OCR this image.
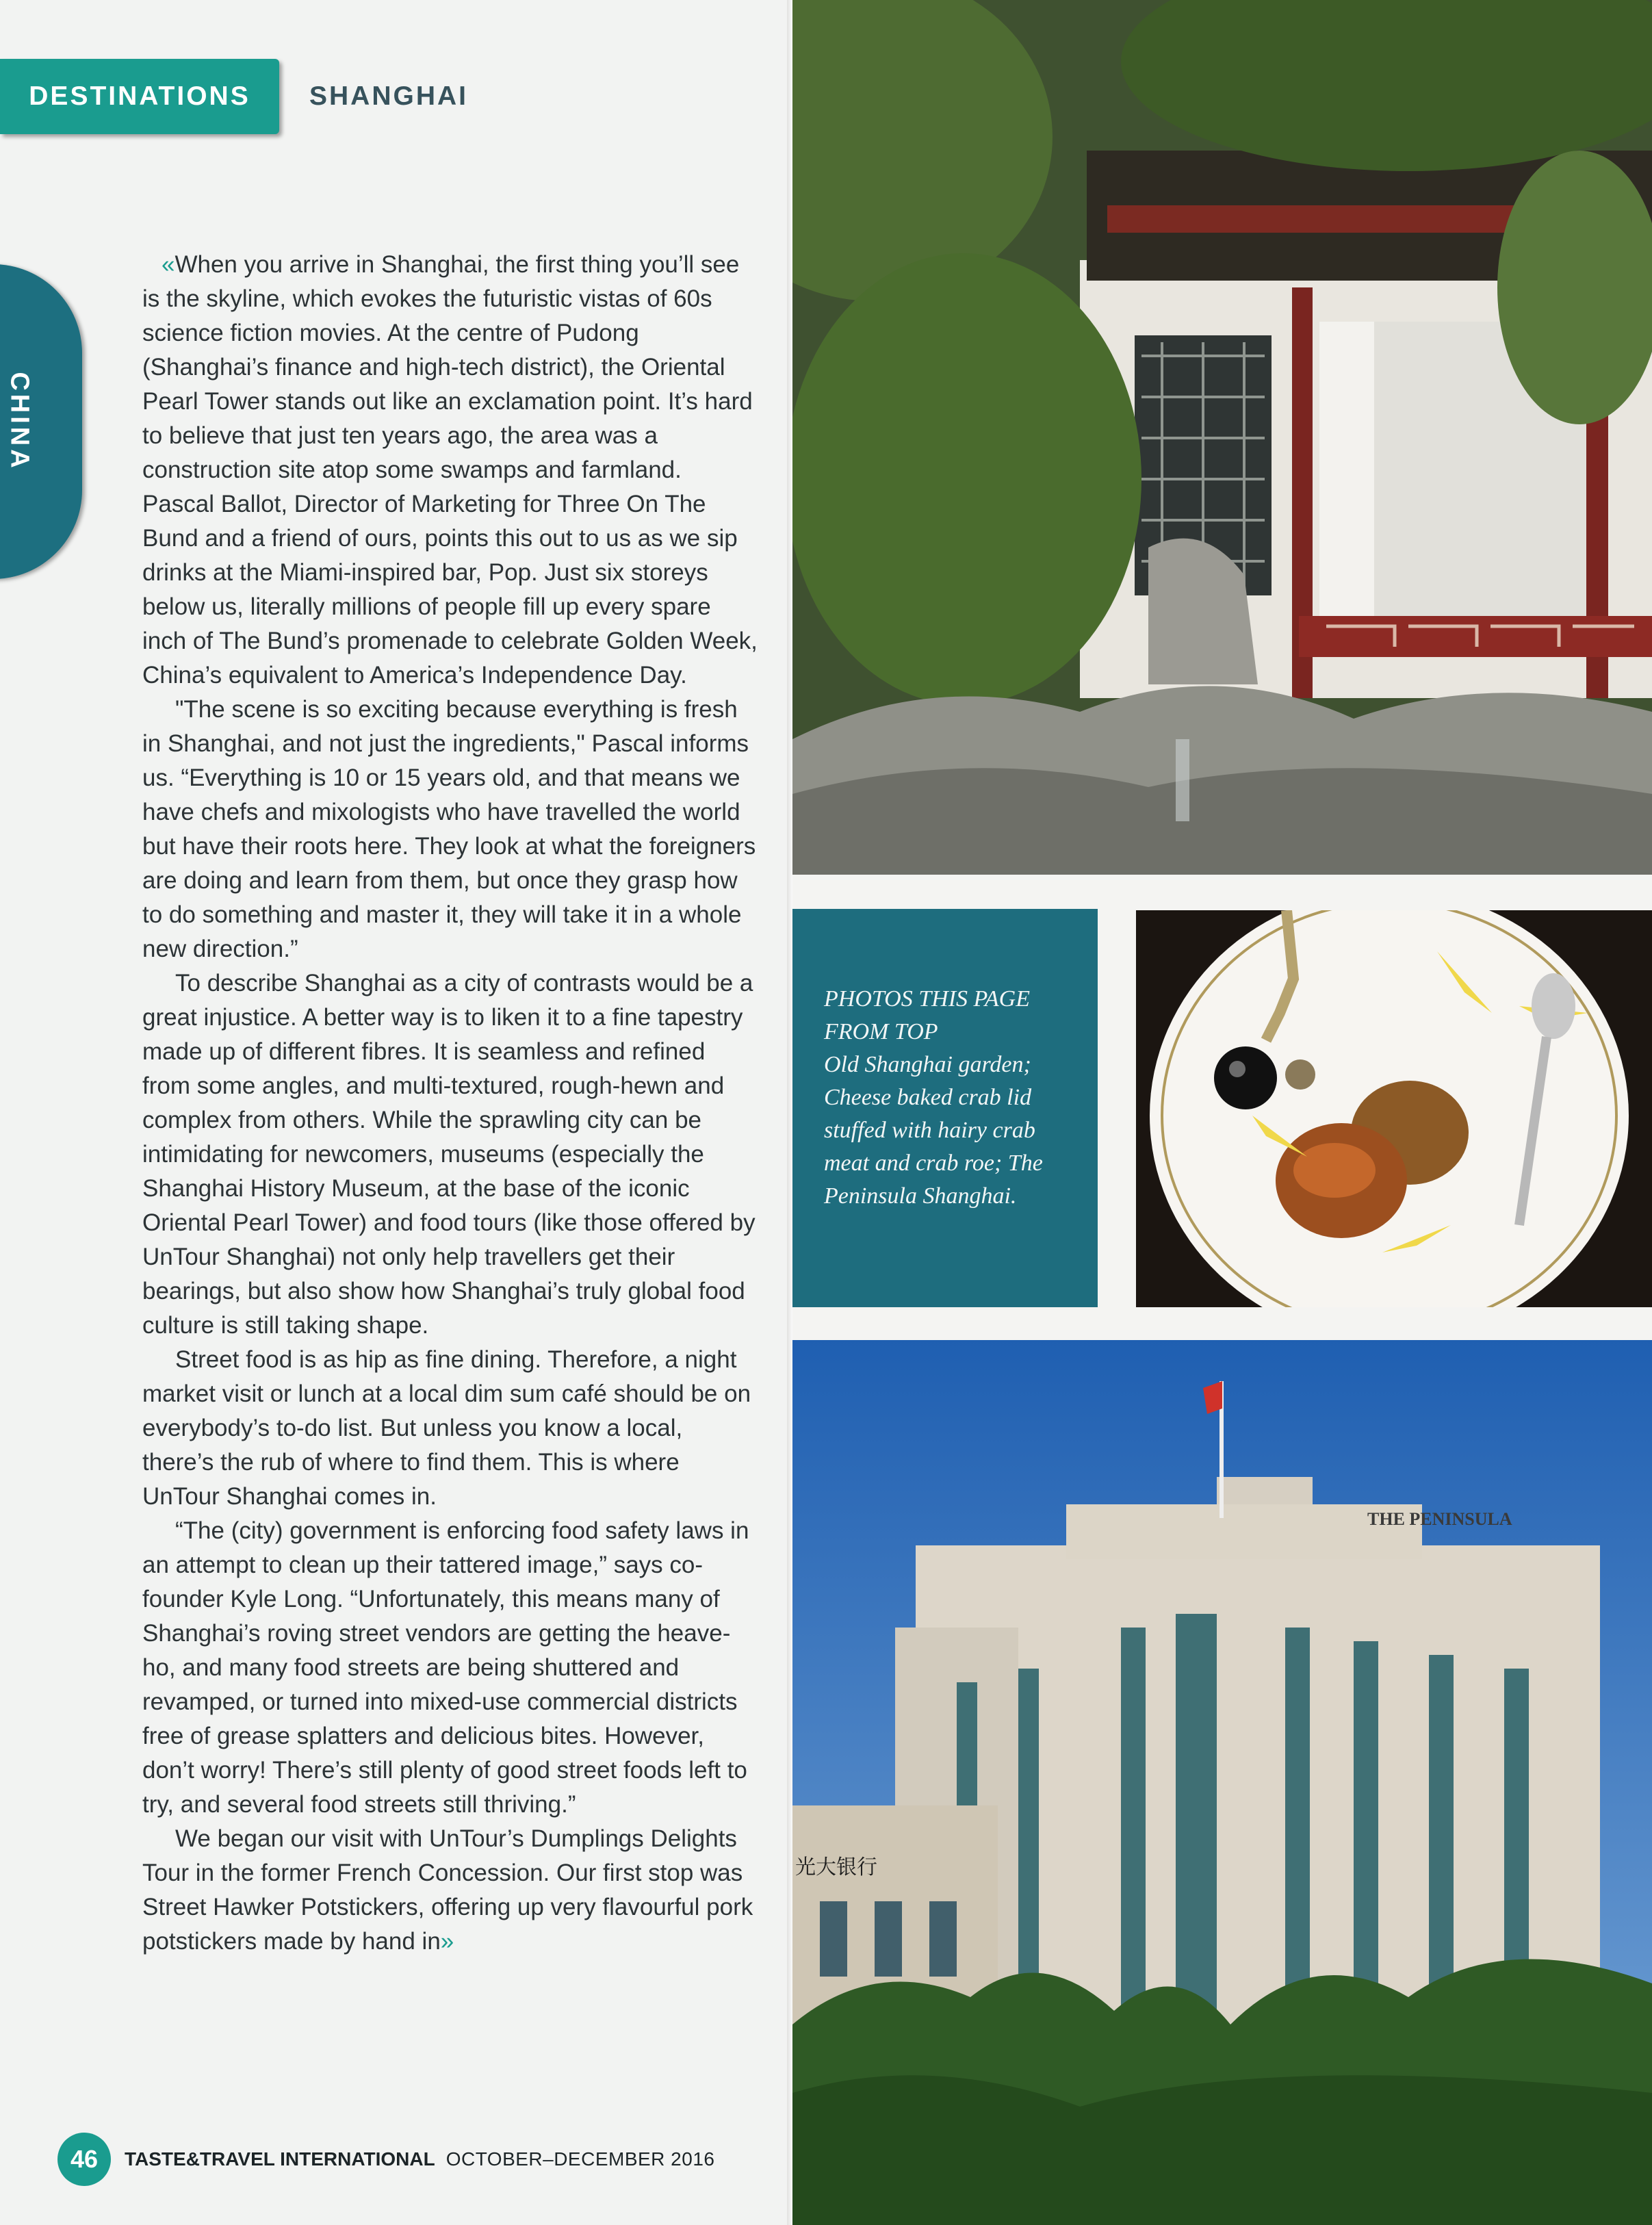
DESTINATIONS SHANGHAI
CHINA

«When you arrive in Shanghai, the first thing you’ll see is the skyline, which evokes the futuristic vistas of 60s science fiction movies. At the centre of Pudong (Shanghai’s finance and high-tech district), the Oriental Pearl Tower stands out like an exclamation point. It’s hard to believe that just ten years ago, the area was a construction site atop some swamps and farmland. Pascal Ballot, Director of Marketing for Three On The Bund and a friend of ours, points this out to us as we sip drinks at the Miami-inspired bar, Pop. Just six storeys below us, literally millions of people fill up every spare inch of The Bund’s promenade to celebrate Golden Week, China’s equivalent to America’s Independence Day.

"The scene is so exciting because everything is fresh in Shanghai, and not just the ingredients," Pascal informs us. “Everything is 10 or 15 years old, and that means we have chefs and mixologists who have travelled the world but have their roots here. They look at what the foreigners are doing and learn from them, but once they grasp how to do something and master it, they will take it in a whole new direction.”

To describe Shanghai as a city of contrasts would be a great injustice. A better way is to liken it to a fine tapestry made up of different fibres. It is seamless and refined from some angles, and multi-textured, rough-hewn and complex from others. While the sprawling city can be intimidating for newcomers, museums (especially the Shanghai History Museum, at the base of the iconic Oriental Pearl Tower) and food tours (like those offered by UnTour Shanghai) not only help travellers get their bearings, but also show how Shanghai’s truly global food culture is still taking shape.

Street food is as hip as fine dining. Therefore, a night market visit or lunch at a local dim sum café should be on everybody’s to-do list. But unless you know a local, there’s the rub of where to find them. This is where UnTour Shanghai comes in.

“The (city) government is enforcing food safety laws in an attempt to clean up their tattered image,” says co-founder Kyle Long. “Unfortunately, this means many of Shanghai’s roving street vendors are getting the heave-ho, and many food streets are being shuttered and revamped, or turned into mixed-use commercial districts free of grease splatters and delicious bites. However, don’t worry! There’s still plenty of good street foods left to try, and several food streets still thriving.”

We began our visit with UnTour’s Dumplings Delights Tour in the former French Concession. Our first stop was Street Hawker Potstickers, offering up very flavourful pork potstickers made by hand in»

46	TASTE&TRAVEL INTERNATIONAL OCTOBER–DECEMBER 2016
PHOTOS THIS PAGE FROM TOP
Old Shanghai garden; Cheese baked crab lid stuffed with hairy crab meat and crab roe; The Peninsula Shanghai.
THE PENINSULA
光大银行
